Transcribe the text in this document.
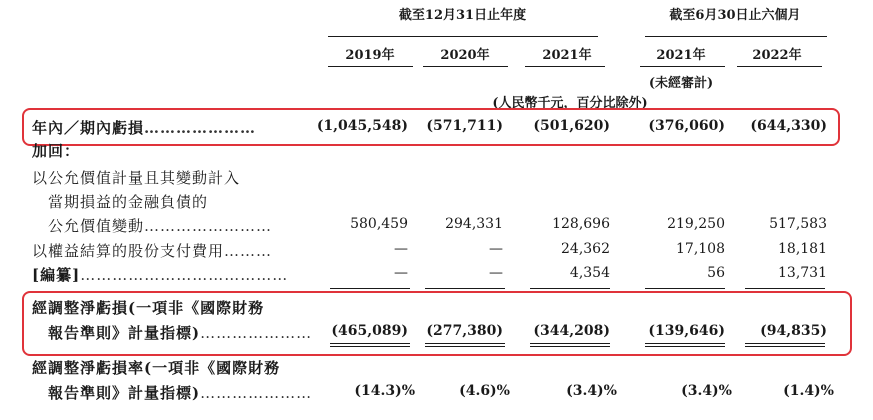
截至12月31日止年度	截至6月30日止六個月
2019年	2020年	2021年	2021年	2022年
(未經審計)
(人民幣千元，百分比除外)
年內／期內虧損…………………	(1,045,548)	(571,711)	(501,620)	(376,060)	(644,330)
加回：
以公允價值計量且其變動計入
當期損益的金融負債的
公允價值變動……………………	580,459	294,331	128,696	219,250	517,583
以權益結算的股份支付費用………	—	—	24,362	17,108	18,181
[編纂]…………………………………	—	—	4,354	56	13,731
經調整淨虧損(一項非《國際財務
報告準則》計量指標)…………………	(465,089)	(277,380)	(344,208)	(139,646)	(94,835)
經調整淨虧損率(一項非《國際財務
報告準則》計量指標)…………………	(14.3)%	(4.6)%	(3.4)%	(3.4)%	(1.4)%
